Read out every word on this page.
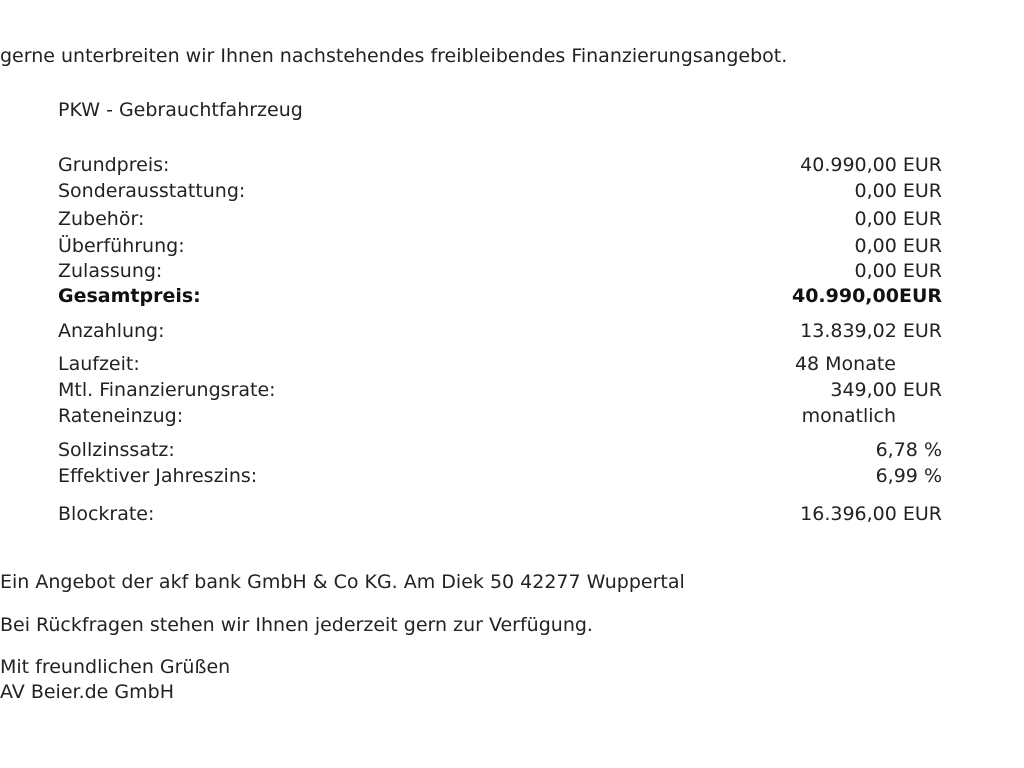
gerne unterbreiten wir Ihnen nachstehendes freibleibendes Finanzierungsangebot.
PKW - Gebrauchtfahrzeug
Grundpreis:	40.990,00 EUR
Sonderausstattung:	0,00 EUR
Zubehör:	0,00 EUR
Überführung:	0,00 EUR
Zulassung:	0,00 EUR
Gesamtpreis:	40.990,00EUR
Anzahlung:	13.839,02 EUR
Laufzeit:	48 Monate
Mtl. Finanzierungsrate:	349,00 EUR
Rateneinzug:	monatlich
Sollzinssatz:	6,78 %
Effektiver Jahreszins:	6,99 %
Blockrate:	16.396,00 EUR
Ein Angebot der akf bank GmbH & Co KG. Am Diek 50 42277 Wuppertal
Bei Rückfragen stehen wir Ihnen jederzeit gern zur Verfügung.
Mit freundlichen Grüßen
AV Beier.de GmbH
